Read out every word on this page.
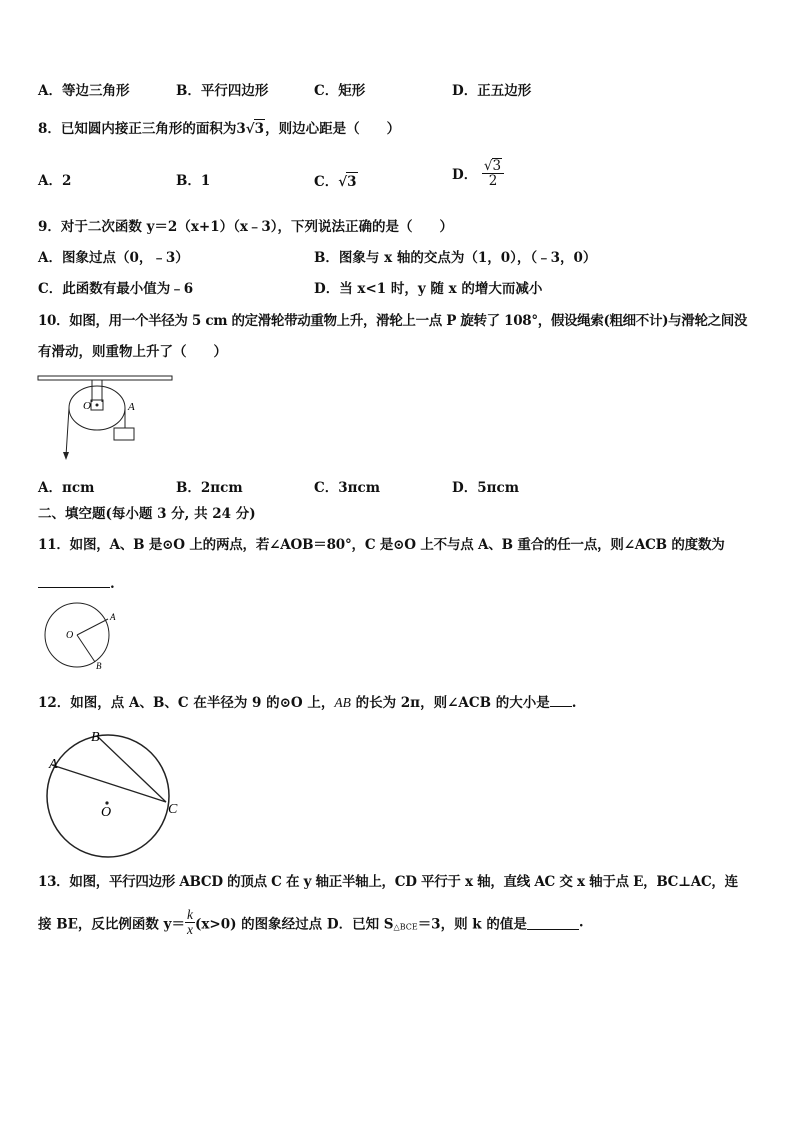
A．等边三角形	B．平行四边形	C．矩形	D．正五边形
8．已知圆内接正三角形的面积为3√3，则边心距是（　　）
A．2	B．1	C．√3	D． $\frac{√3}{2}$
9．对于二次函数 y＝2（x+1）（x﹣3），下列说法正确的是（　　）
A．图象过点（0，﹣3）	B．图象与 x 轴的交点为（1，0），（﹣3，0）
C．此函数有最小值为﹣6	D．当 x<1 时，y 随 x 的增大而减小
10．如图，用一个半径为 5 cm 的定滑轮带动重物上升，滑轮上一点 P 旋转了 108°，假设绳索(粗细不计)与滑轮之间没
有滑动，则重物上升了（　　）
O	A
A．πcm	B．2πcm	C．3πcm	D．5πcm
二、填空题(每小题 3 分, 共 24 分)
11．如图，A、B 是⊙O 上的两点，若∠AOB＝80°，C 是⊙O 上不与点 A、B 重合的任一点，则∠ACB 的度数为
.
O
A
B
12．如图，点 A、B、C 在半径为 9 的⊙O 上，AB 的长为 2π，则∠ACB 的大小是 .
A
B
C
O
13．如图，平行四边形 ABCD 的顶点 C 在 y 轴正半轴上，CD 平行于 x 轴，直线 AC 交 x 轴于点 E，BC⊥AC，连
接 BE，反比例函数 $y= \frac{k}{x} (x>0)$ 的图象经过点 D．已知 $S_{\triangle BCE}=3$，则 k 的值是	.
